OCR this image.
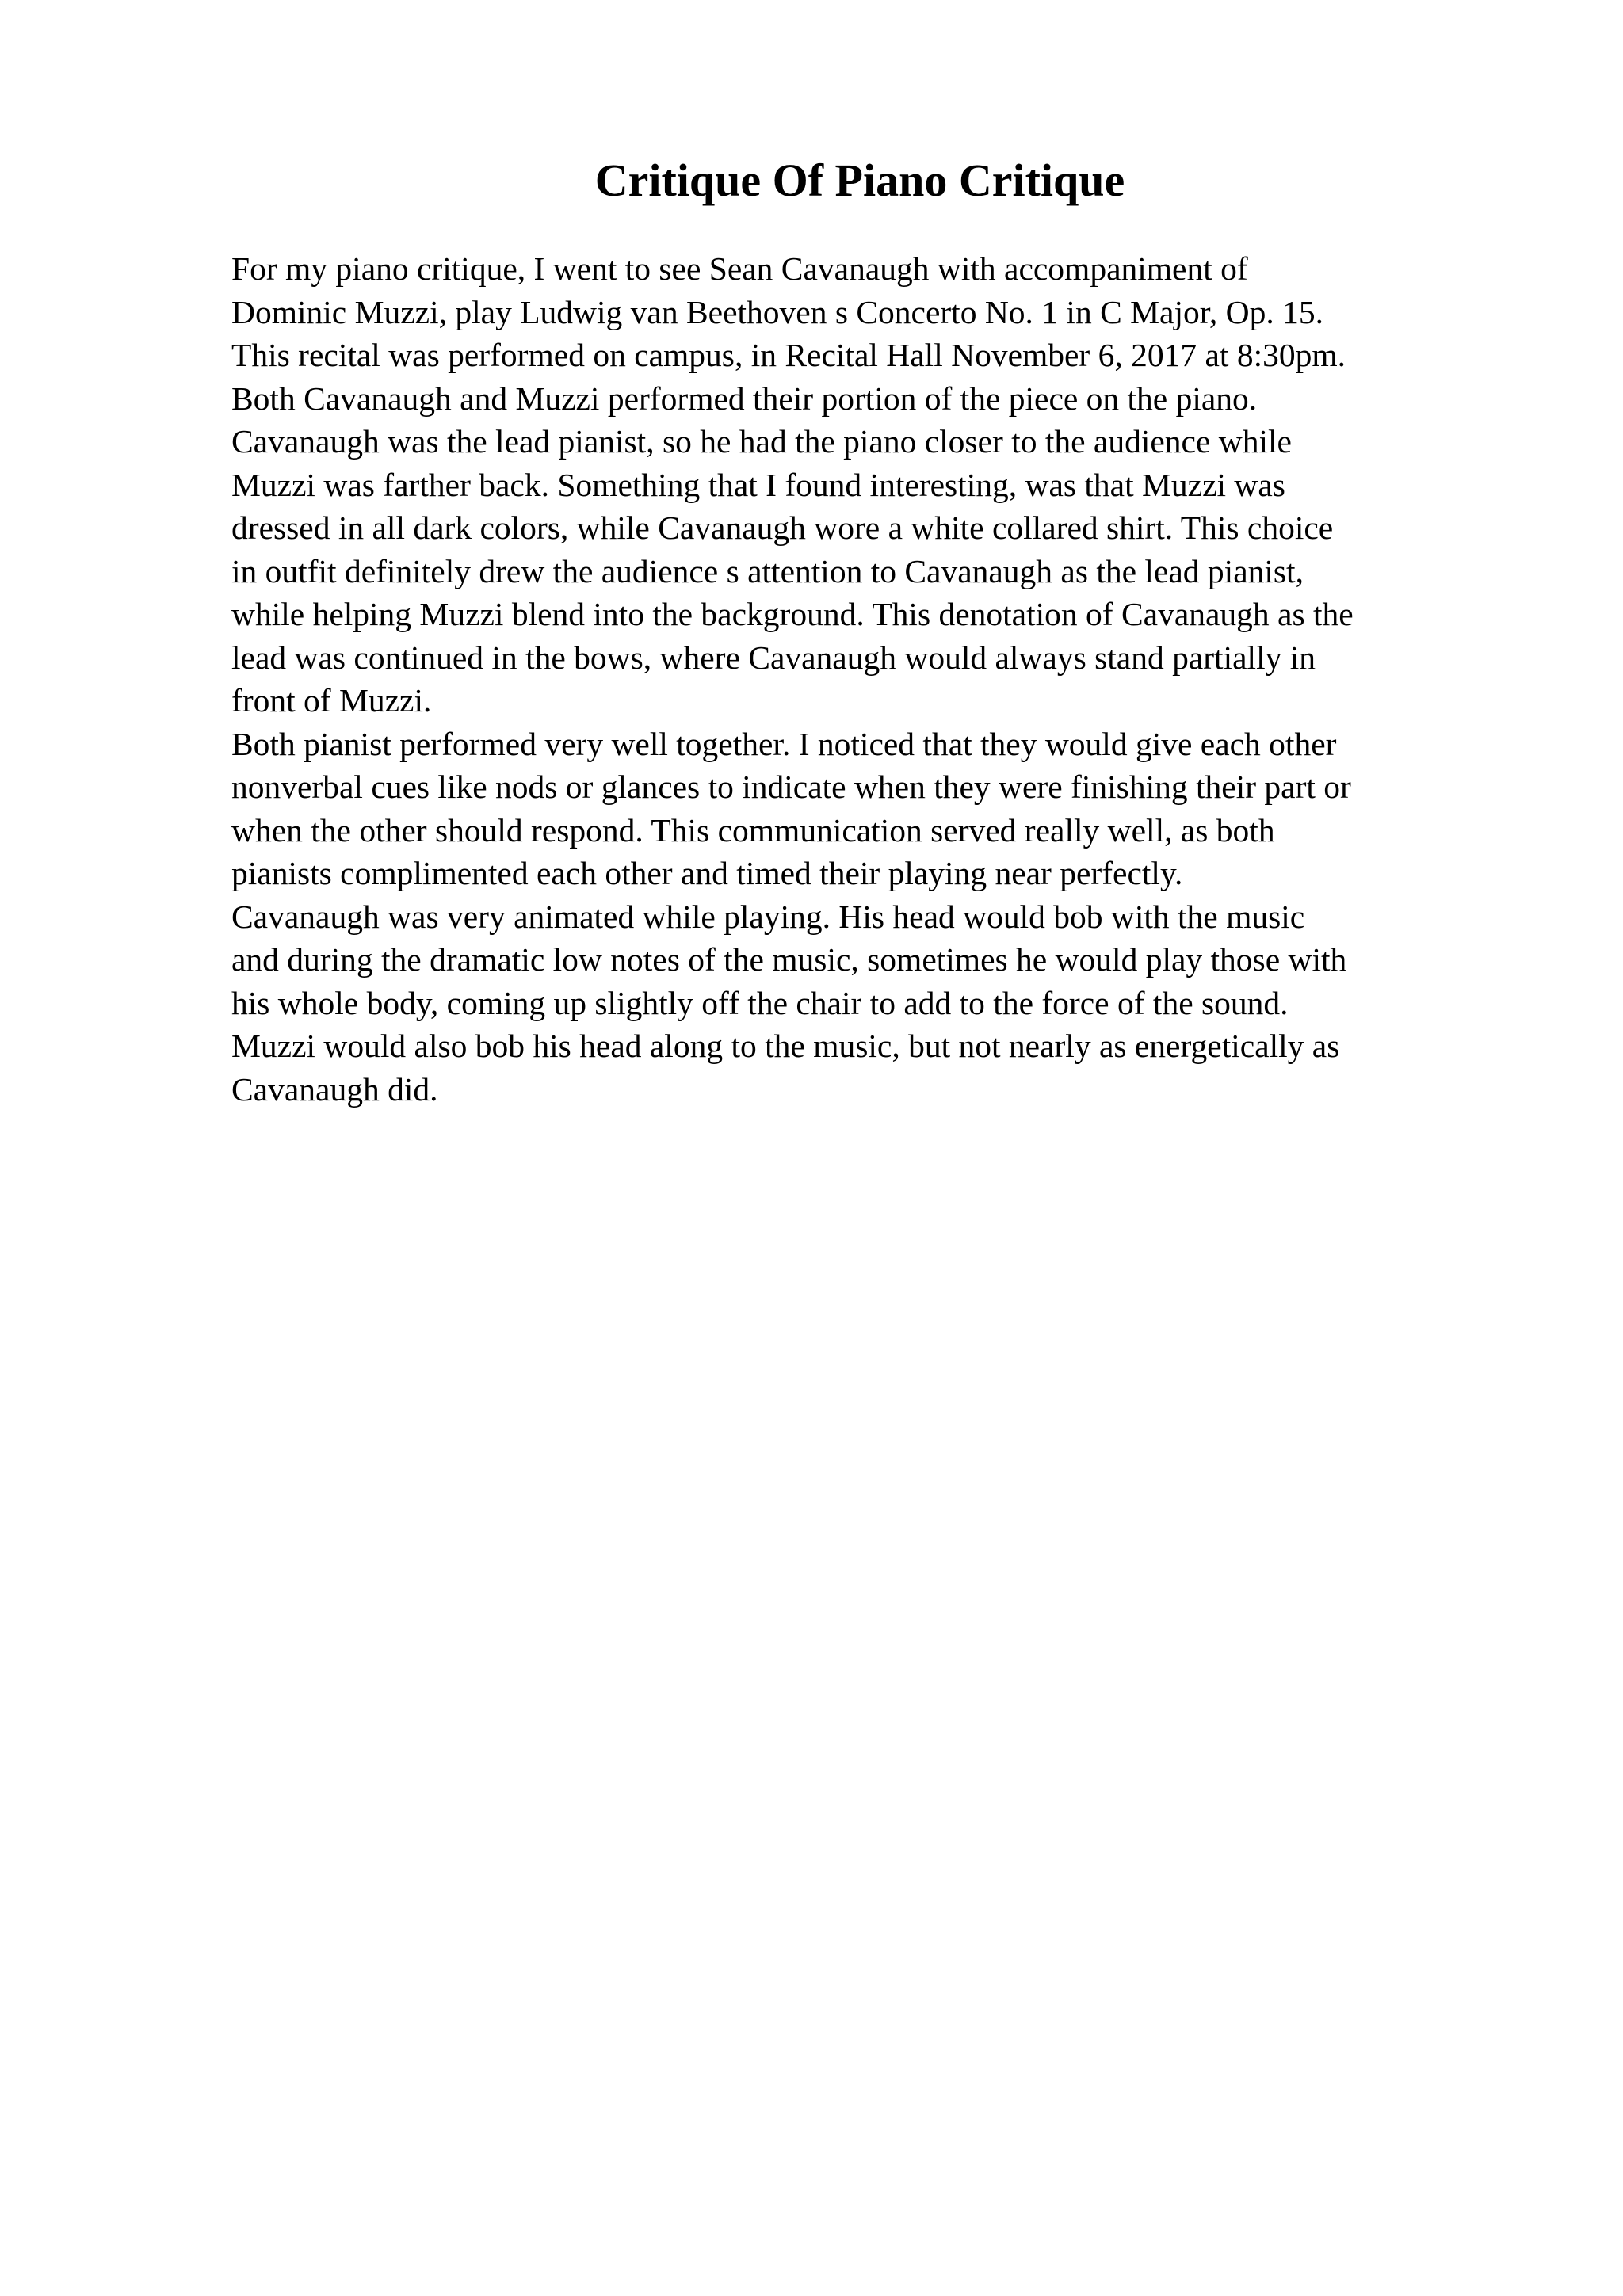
Critique Of Piano Critique
For my piano critique, I went to see Sean Cavanaugh with accompaniment of
Dominic Muzzi, play Ludwig van Beethoven s Concerto No. 1 in C Major, Op. 15.
This recital was performed on campus, in Recital Hall November 6, 2017 at 8:30pm.
Both Cavanaugh and Muzzi performed their portion of the piece on the piano.
Cavanaugh was the lead pianist, so he had the piano closer to the audience while
Muzzi was farther back. Something that I found interesting, was that Muzzi was
dressed in all dark colors, while Cavanaugh wore a white collared shirt. This choice
in outfit definitely drew the audience s attention to Cavanaugh as the lead pianist,
while helping Muzzi blend into the background. This denotation of Cavanaugh as the
lead was continued in the bows, where Cavanaugh would always stand partially in
front of Muzzi.
Both pianist performed very well together. I noticed that they would give each other
nonverbal cues like nods or glances to indicate when they were finishing their part or
when the other should respond. This communication served really well, as both
pianists complimented each other and timed their playing near perfectly.
Cavanaugh was very animated while playing. His head would bob with the music
and during the dramatic low notes of the music, sometimes he would play those with
his whole body, coming up slightly off the chair to add to the force of the sound.
Muzzi would also bob his head along to the music, but not nearly as energetically as
Cavanaugh did.
